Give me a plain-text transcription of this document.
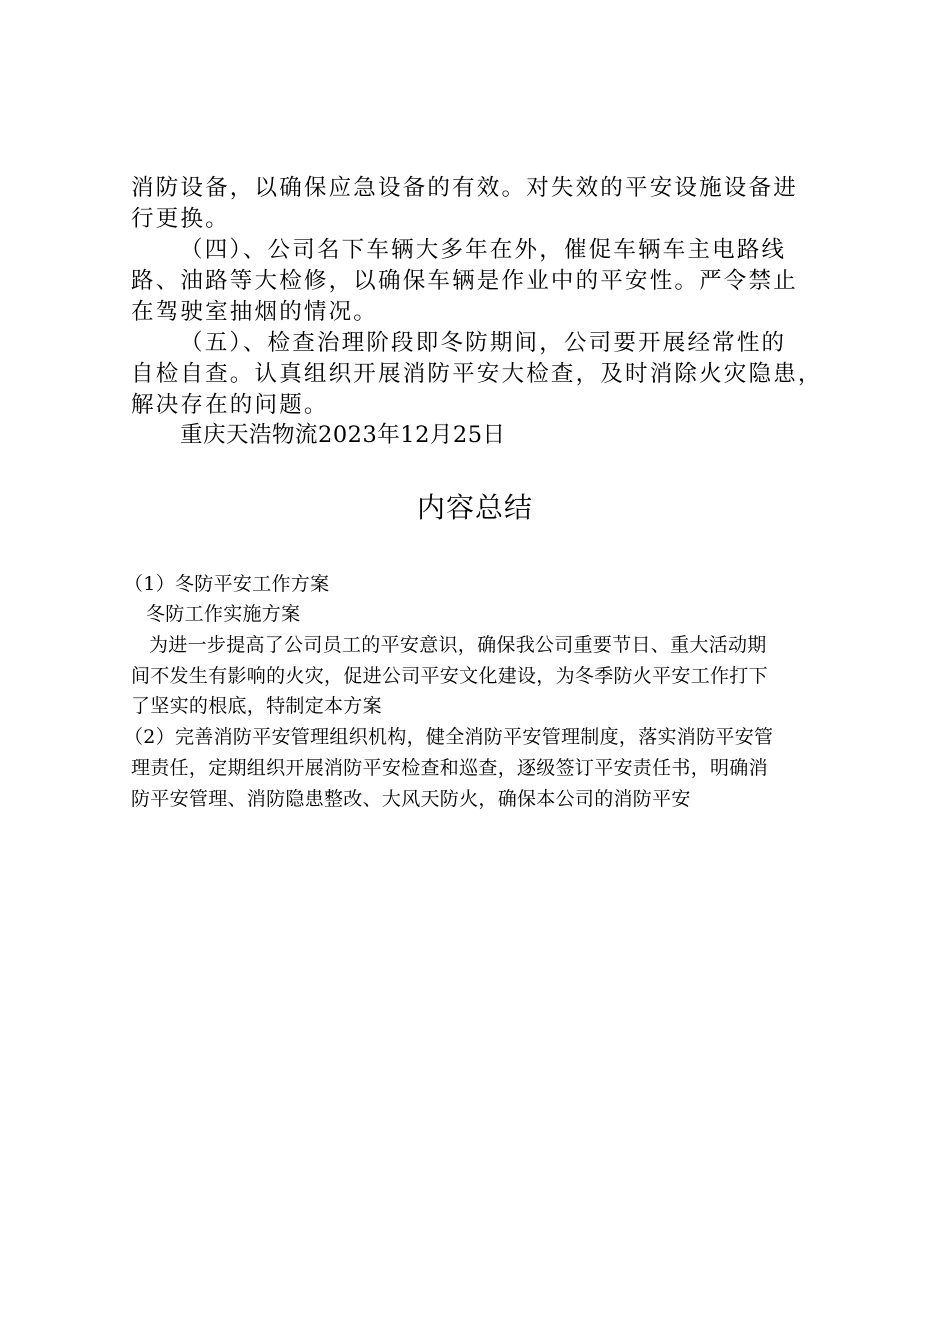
消防设备，以确保应急设备的有效。对失效的平安设施设备进
行更换。
（四）、公司名下车辆大多年在外，催促车辆车主电路线
路、油路等大检修，以确保车辆是作业中的平安性。严令禁止
在驾驶室抽烟的情况。
（五）、检查治理阶段即冬防期间，公司要开展经常性的
自检自查。认真组织开展消防平安大检查，及时消除火灾隐患，
解决存在的问题。
重庆天浩物流2023年12月25日
内容总结
（1）冬防平安工作方案
冬防工作实施方案
为进一步提高了公司员工的平安意识，确保我公司重要节日、重大活动期
间不发生有影响的火灾，促进公司平安文化建设，为冬季防火平安工作打下
了坚实的根底，特制定本方案
（2）完善消防平安管理组织机构，健全消防平安管理制度，落实消防平安管
理责任，定期组织开展消防平安检查和巡查，逐级签订平安责任书，明确消
防平安管理、消防隐患整改、大风天防火，确保本公司的消防平安
